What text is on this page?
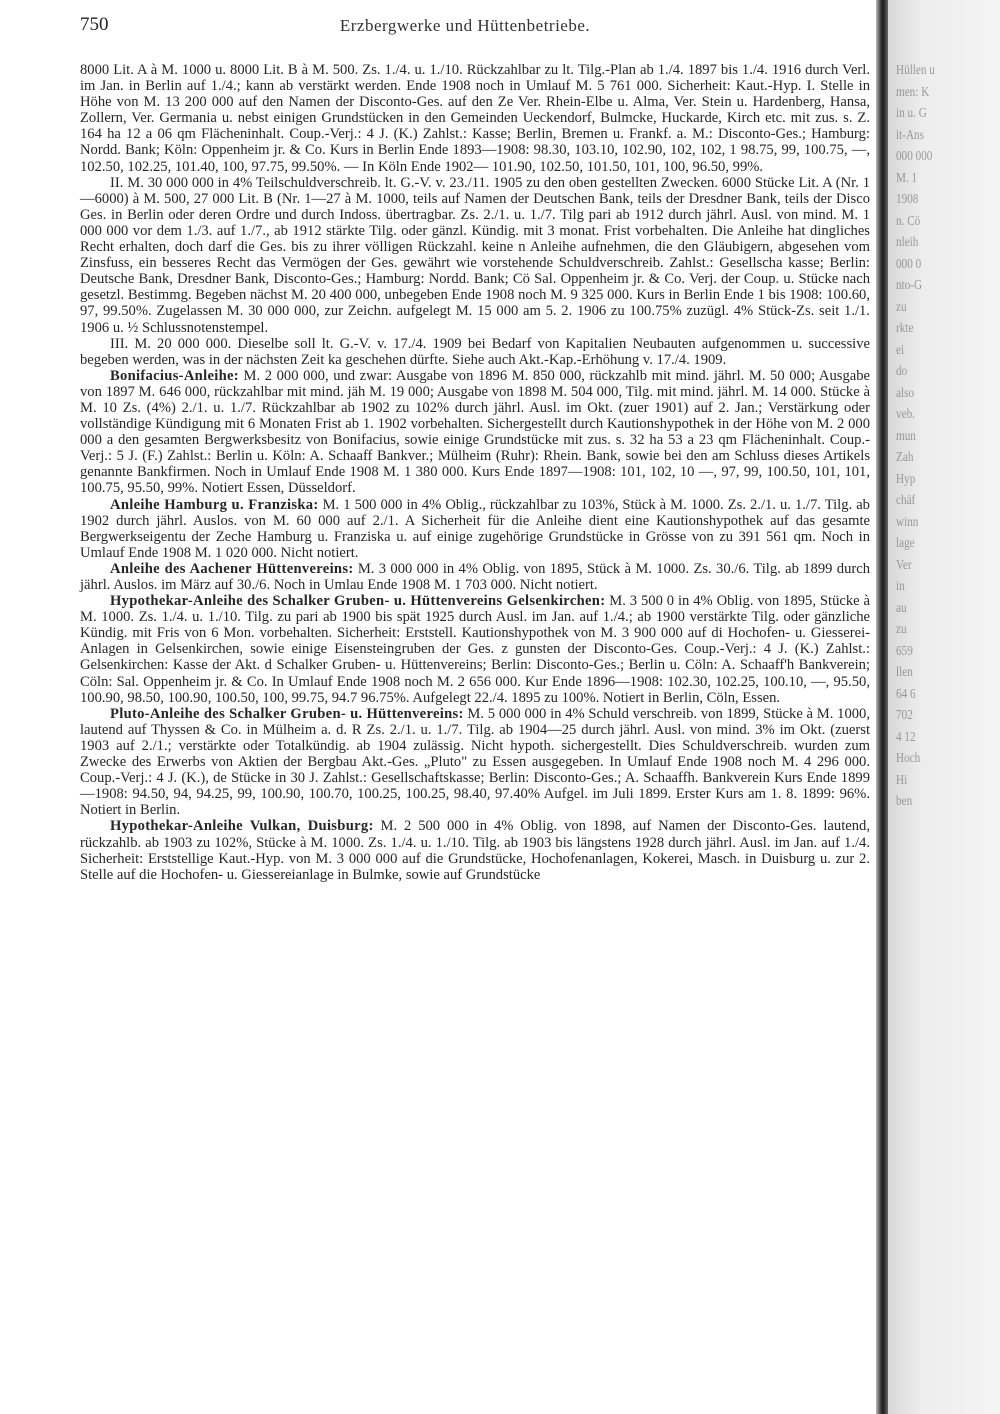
Hüllen u
men: K
in u. G
it-Ans
000 000
M. 1
1908
n. Cö
nleih
000 0
nto-G
zu
rkte
ei
do
also
veb.
mun
Zah
Hyp
chäf
winn
lage
Ver
in
au
zu
659
llen
64 6
702
4 12
Hoch
Hi
ben
750	Erzbergwerke und Hüttenbetriebe.

8000 Lit. A à M. 1000 u. 8000 Lit. B à M. 500. Zs. 1./4. u. 1./10. Rückzahlbar zu lt. Tilg.-Plan ab 1./4. 1897 bis 1./4. 1916 durch Verl. im Jan. in Berlin auf 1./4.; kann ab verstärkt werden. Ende 1908 noch in Umlauf M. 5 761 000. Sicherheit: Kaut.-Hyp. I. Stelle in Höhe von M. 13 200 000 auf den Namen der Disconto-Ges. auf den Ze Ver. Rhein-Elbe u. Alma, Ver. Stein u. Hardenberg, Hansa, Zollern, Ver. Germania u. nebst einigen Grundstücken in den Gemeinden Ueckendorf, Bulmcke, Huckarde, Kirch etc. mit zus. s. Z. 164 ha 12 a 06 qm Flächeninhalt. Coup.-Verj.: 4 J. (K.) Zahlst.: Kasse; Berlin, Bremen u. Frankf. a. M.: Disconto-Ges.; Hamburg: Nordd. Bank; Köln: Oppenheim jr. & Co. Kurs in Berlin Ende 1893—1908: 98.30, 103.10, 102.90, 102, 102, 1 98.75, 99, 100.75, —, 102.50, 102.25, 101.40, 100, 97.75, 99.50%. — In Köln Ende 1902— 101.90, 102.50, 101.50, 101, 100, 96.50, 99%.

II. M. 30 000 000 in 4% Teilschuldverschreib. lt. G.-V. v. 23./11. 1905 zu den oben gestellten Zwecken. 6000 Stücke Lit. A (Nr. 1—6000) à M. 500, 27 000 Lit. B (Nr. 1—27 à M. 1000, teils auf Namen der Deutschen Bank, teils der Dresdner Bank, teils der Disco Ges. in Berlin oder deren Ordre und durch Indoss. übertragbar. Zs. 2./1. u. 1./7. Tilg pari ab 1912 durch jährl. Ausl. von mind. M. 1 000 000 vor dem 1./3. auf 1./7., ab 1912 stärkte Tilg. oder gänzl. Kündig. mit 3 monat. Frist vorbehalten. Die Anleihe hat dingliches Recht erhalten, doch darf die Ges. bis zu ihrer völligen Rückzahl. keine n Anleihe aufnehmen, die den Gläubigern, abgesehen vom Zinsfuss, ein besseres Recht das Vermögen der Ges. gewährt wie vorstehende Schuldverschreib. Zahlst.: Gesellscha kasse; Berlin: Deutsche Bank, Dresdner Bank, Disconto-Ges.; Hamburg: Nordd. Bank; Cö Sal. Oppenheim jr. & Co. Verj. der Coup. u. Stücke nach gesetzl. Bestimmg. Begeben nächst M. 20 400 000, unbegeben Ende 1908 noch M. 9 325 000. Kurs in Berlin Ende 1 bis 1908: 100.60, 97, 99.50%. Zugelassen M. 30 000 000, zur Zeichn. aufgelegt M. 15 000 am 5. 2. 1906 zu 100.75% zuzügl. 4% Stück-Zs. seit 1./1. 1906 u. ½ Schlussnotenstempel.

III. M. 20 000 000. Dieselbe soll lt. G.-V. v. 17./4. 1909 bei Bedarf von Kapitalien Neubauten aufgenommen u. successive begeben werden, was in der nächsten Zeit ka geschehen dürfte. Siehe auch Akt.-Kap.-Erhöhung v. 17./4. 1909.

Bonifacius-Anleihe: M. 2 000 000, und zwar: Ausgabe von 1896 M. 850 000, rückzahlb mit mind. jährl. M. 50 000; Ausgabe von 1897 M. 646 000, rückzahlbar mit mind. jäh M. 19 000; Ausgabe von 1898 M. 504 000, Tilg. mit mind. jährl. M. 14 000. Stücke à M. 10 Zs. (4%) 2./1. u. 1./7. Rückzahlbar ab 1902 zu 102% durch jährl. Ausl. im Okt. (zuer 1901) auf 2. Jan.; Verstärkung oder vollständige Kündigung mit 6 Monaten Frist ab 1. 1902 vorbehalten. Sichergestellt durch Kautionshypothek in der Höhe von M. 2 000 000 a den gesamten Bergwerksbesitz von Bonifacius, sowie einige Grundstücke mit zus. s. 32 ha 53 a 23 qm Flächeninhalt. Coup.-Verj.: 5 J. (F.) Zahlst.: Berlin u. Köln: A. Schaaff Bankver.; Mülheim (Ruhr): Rhein. Bank, sowie bei den am Schluss dieses Artikels genannte Bankfirmen. Noch in Umlauf Ende 1908 M. 1 380 000. Kurs Ende 1897—1908: 101, 102, 10 —, 97, 99, 100.50, 101, 101, 100.75, 95.50, 99%. Notiert Essen, Düsseldorf.

Anleihe Hamburg u. Franziska: M. 1 500 000 in 4% Oblig., rückzahlbar zu 103%, Stück à M. 1000. Zs. 2./1. u. 1./7. Tilg. ab 1902 durch jährl. Auslos. von M. 60 000 auf 2./1. A Sicherheit für die Anleihe dient eine Kautionshypothek auf das gesamte Bergwerkseigentu der Zeche Hamburg u. Franziska u. auf einige zugehörige Grundstücke in Grösse von zu 391 561 qm. Noch in Umlauf Ende 1908 M. 1 020 000. Nicht notiert.

Anleihe des Aachener Hüttenvereins: M. 3 000 000 in 4% Oblig. von 1895, Stück à M. 1000. Zs. 30./6. Tilg. ab 1899 durch jährl. Auslos. im März auf 30./6. Noch in Umlau Ende 1908 M. 1 703 000. Nicht notiert.

Hypothekar-Anleihe des Schalker Gruben- u. Hüttenvereins Gelsenkirchen: M. 3 500 0 in 4% Oblig. von 1895, Stücke à M. 1000. Zs. 1./4. u. 1./10. Tilg. zu pari ab 1900 bis spät 1925 durch Ausl. im Jan. auf 1./4.; ab 1900 verstärkte Tilg. oder gänzliche Kündig. mit Fris von 6 Mon. vorbehalten. Sicherheit: Erststell. Kautionshypothek von M. 3 900 000 auf di Hochofen- u. Giesserei-Anlagen in Gelsenkirchen, sowie einige Eisensteingruben der Ges. z gunsten der Disconto-Ges. Coup.-Verj.: 4 J. (K.) Zahlst.: Gelsenkirchen: Kasse der Akt. d Schalker Gruben- u. Hüttenvereins; Berlin: Disconto-Ges.; Berlin u. Cöln: A. Schaaff'h Bankverein; Cöln: Sal. Oppenheim jr. & Co. In Umlauf Ende 1908 noch M. 2 656 000. Kur Ende 1896—1908: 102.30, 102.25, 100.10, —, 95.50, 100.90, 98.50, 100.90, 100.50, 100, 99.75, 94.7 96.75%. Aufgelegt 22./4. 1895 zu 100%. Notiert in Berlin, Cöln, Essen.

Pluto-Anleihe des Schalker Gruben- u. Hüttenvereins: M. 5 000 000 in 4% Schuld verschreib. von 1899, Stücke à M. 1000, lautend auf Thyssen & Co. in Mülheim a. d. R Zs. 2./1. u. 1./7. Tilg. ab 1904—25 durch jährl. Ausl. von mind. 3% im Okt. (zuerst 1903 auf 2./1.; verstärkte oder Totalkündig. ab 1904 zulässig. Nicht hypoth. sichergestellt. Dies Schuldverschreib. wurden zum Zwecke des Erwerbs von Aktien der Bergbau Akt.-Ges. „Pluto" zu Essen ausgegeben. In Umlauf Ende 1908 noch M. 4 296 000. Coup.-Verj.: 4 J. (K.), de Stücke in 30 J. Zahlst.: Gesellschaftskasse; Berlin: Disconto-Ges.; A. Schaaffh. Bankverein Kurs Ende 1899—1908: 94.50, 94, 94.25, 99, 100.90, 100.70, 100.25, 100.25, 98.40, 97.40% Aufgel. im Juli 1899. Erster Kurs am 1. 8. 1899: 96%. Notiert in Berlin.

Hypothekar-Anleihe Vulkan, Duisburg: M. 2 500 000 in 4% Oblig. von 1898, auf Namen der Disconto-Ges. lautend, rückzahlb. ab 1903 zu 102%, Stücke à M. 1000. Zs. 1./4. u. 1./10. Tilg. ab 1903 bis längstens 1928 durch jährl. Ausl. im Jan. auf 1./4. Sicherheit: Erststellige Kaut.-Hyp. von M. 3 000 000 auf die Grundstücke, Hochofenanlagen, Kokerei, Masch. in Duisburg u. zur 2. Stelle auf die Hochofen- u. Giessereianlage in Bulmke, sowie auf Grundstücke
